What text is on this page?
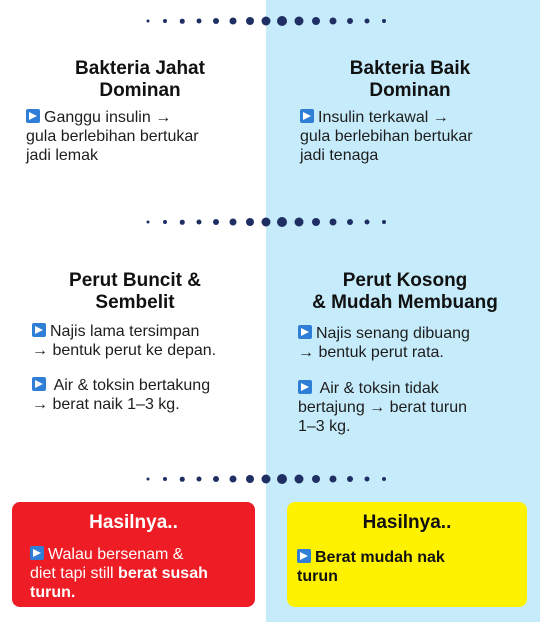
Bakteria Jahat
Dominan
Ganggu insulin →
gula berlebihan bertukar
jadi lemak
Bakteria Baik
Dominan
Insulin terkawal →
gula berlebihan bertukar
jadi tenaga
Perut Buncit &
Sembelit
Najis lama tersimpan
→ bentuk perut ke depan.
Air & toksin bertakung
→ berat naik 1–3 kg.
Perut Kosong
& Mudah Membuang
Najis senang dibuang
→ bentuk perut rata.
Air & toksin tidak
bertajung → berat turun
1–3 kg.
Hasilnya..
Walau bersenam &
diet tapi still berat susah
turun.
Hasilnya..
Berat mudah nak
turun
